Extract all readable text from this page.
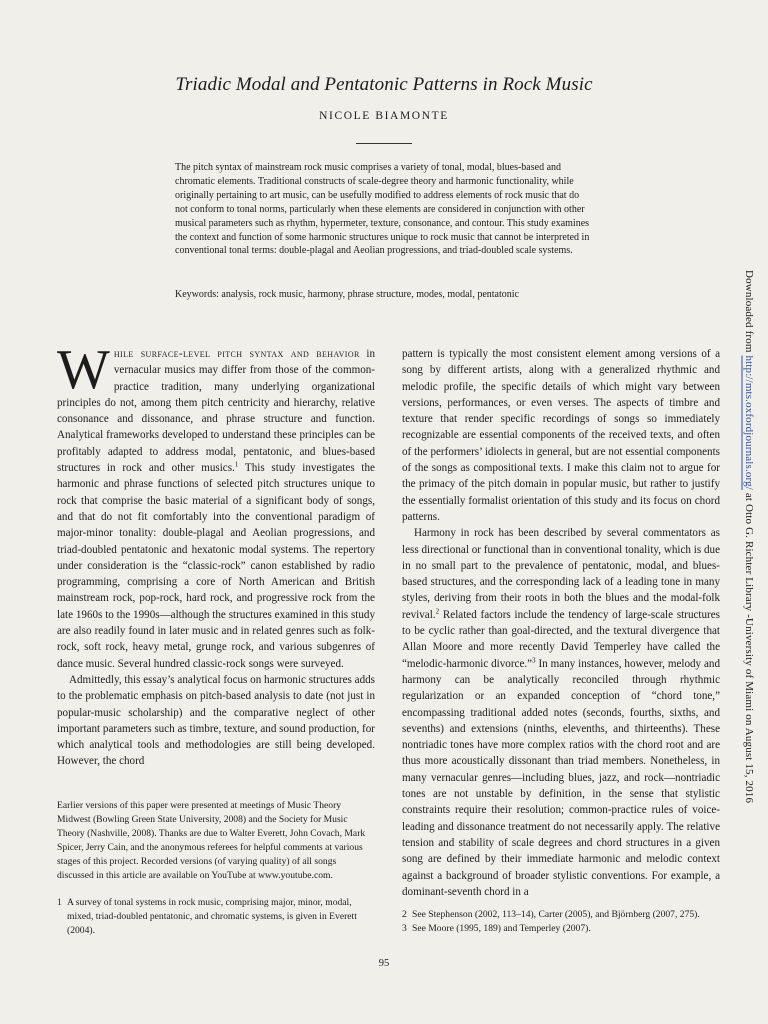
Triadic Modal and Pentatonic Patterns in Rock Music
NICOLE BIAMONTE

The pitch syntax of mainstream rock music comprises a variety of tonal, modal, blues-based and chromatic elements. Traditional constructs of scale-degree theory and harmonic functionality, while originally pertaining to art music, can be usefully modified to address elements of rock music that do not conform to tonal norms, particularly when these elements are considered in conjunction with other musical parameters such as rhythm, hypermeter, texture, consonance, and contour. This study examines the context and function of some harmonic structures unique to rock music that cannot be interpreted in conventional tonal terms: double-plagal and Aeolian progressions, and triad-doubled scale systems.

Keywords: analysis, rock music, harmony, phrase structure, modes, modal, pentatonic

While surface-level pitch syntax and behavior in vernacular musics may differ from those of the common-practice tradition, many underlying organizational principles do not, among them pitch centricity and hierarchy, relative consonance and dissonance, and phrase structure and function. Analytical frameworks developed to understand these principles can be profitably adapted to address modal, pentatonic, and blues-based structures in rock and other musics.$^1$ This study investigates the harmonic and phrase functions of selected pitch structures unique to rock that comprise the basic material of a significant body of songs, and that do not fit comfortably into the conventional paradigm of major-minor tonality: double-plagal and Aeolian progressions, and triad-doubled pentatonic and hexatonic modal systems. The repertory under consideration is the “classic-rock” canon established by radio programming, comprising a core of North American and British mainstream rock, pop-rock, hard rock, and progressive rock from the late 1960s to the 1990s—although the structures examined in this study are also readily found in later music and in related genres such as folk-rock, soft rock, heavy metal, grunge rock, and various subgenres of dance music. Several hundred classic-rock songs were surveyed.

Admittedly, this essay’s analytical focus on harmonic structures adds to the problematic emphasis on pitch-based analysis to date (not just in popular-music scholarship) and the comparative neglect of other important parameters such as timbre, texture, and sound production, for which analytical tools and methodologies are still being developed. However, the chord

pattern is typically the most consistent element among versions of a song by different artists, along with a generalized rhythmic and melodic profile, the specific details of which might vary between versions, performances, or even verses. The aspects of timbre and texture that render specific recordings of songs so immediately recognizable are essential components of the received texts, and often of the performers’ idiolects in general, but are not essential components of the songs as compositional texts. I make this claim not to argue for the primacy of the pitch domain in popular music, but rather to justify the essentially formalist orientation of this study and its focus on chord patterns.

Harmony in rock has been described by several commentators as less directional or functional than in conventional tonality, which is due in no small part to the prevalence of pentatonic, modal, and blues-based structures, and the corresponding lack of a leading tone in many styles, deriving from their roots in both the blues and the modal-folk revival.$^2$ Related factors include the tendency of large-scale structures to be cyclic rather than goal-directed, and the textural divergence that Allan Moore and more recently David Temperley have called the “melodic-harmonic divorce.”$^3$ In many instances, however, melody and harmony can be analytically reconciled through rhythmic regularization or an expanded conception of “chord tone,” encompassing traditional added notes (seconds, fourths, sixths, and sevenths) and extensions (ninths, elevenths, and thirteenths). These nontriadic tones have more complex ratios with the chord root and are thus more acoustically dissonant than triad members. Nonetheless, in many vernacular genres—including blues, jazz, and rock—nontriadic tones are not unstable by definition, in the sense that stylistic constraints require their resolution; common-practice rules of voice-leading and dissonance treatment do not necessarily apply. The relative tension and stability of scale degrees and chord structures in a given song are defined by their immediate harmonic and melodic context against a background of broader stylistic conventions. For example, a dominant-seventh chord in a

Earlier versions of this paper were presented at meetings of Music Theory Midwest (Bowling Green State University, 2008) and the Society for Music Theory (Nashville, 2008). Thanks are due to Walter Everett, John Covach, Mark Spicer, Jerry Cain, and the anonymous referees for helpful comments at various stages of this project. Recorded versions (of varying quality) of all songs discussed in this article are available on YouTube at www.youtube.com.

1 A survey of tonal systems in rock music, comprising major, minor, modal, mixed, triad-doubled pentatonic, and chromatic systems, is given in Everett (2004).
2 See Stephenson (2002, 113–14), Carter (2005), and Björnberg (2007, 275).
3 See Moore (1995, 189) and Temperley (2007).
95
Downloaded from http://mts.oxfordjournals.org/ at Otto G. Richter Library -University of Miami on August 15, 2016
